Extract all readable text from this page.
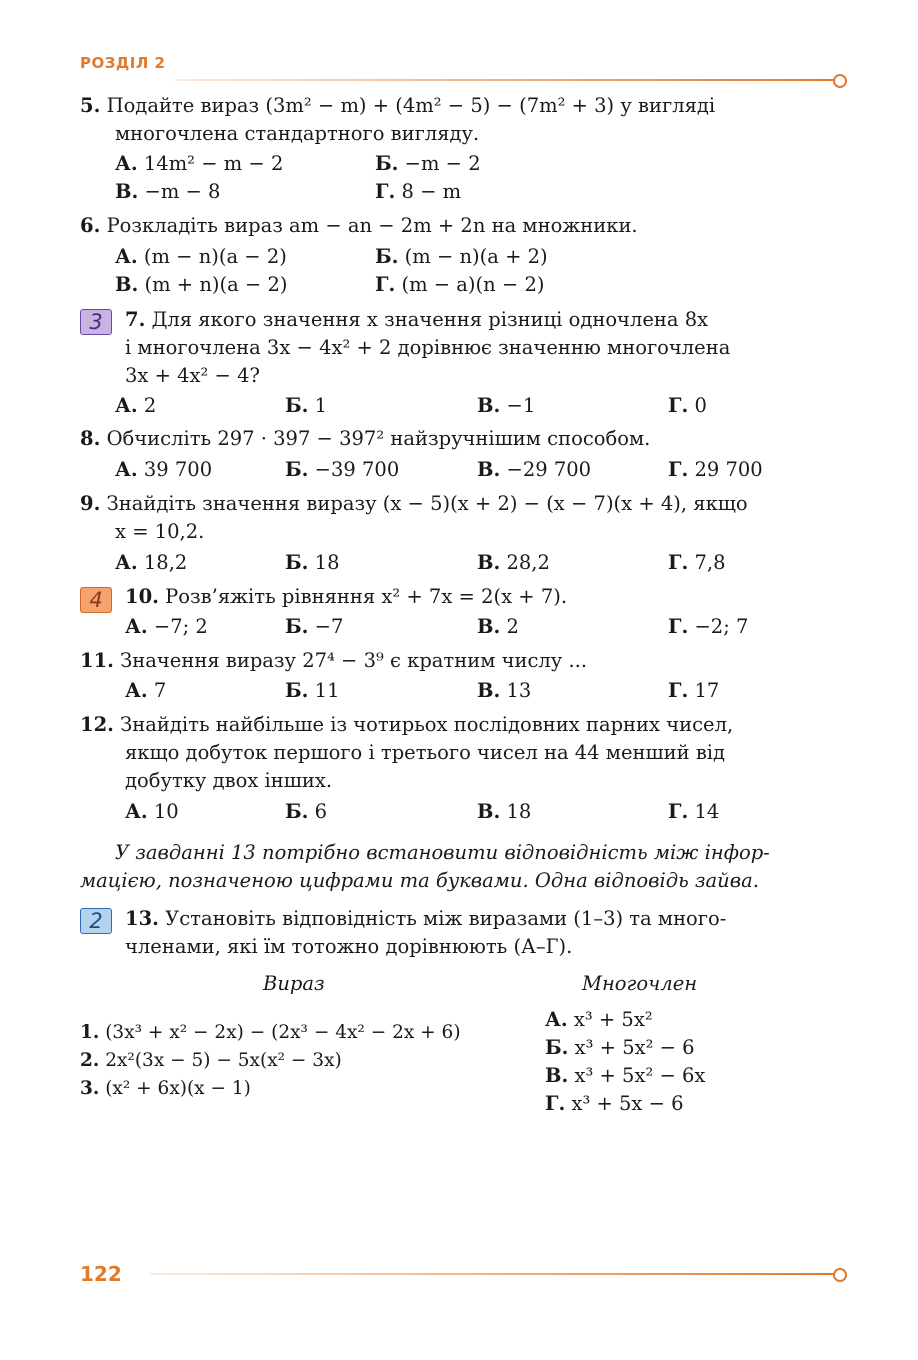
РОЗДІЛ 2
5. Подайте вираз (3m² − m) + (4m² − 5) − (7m² + 3) у вигляді
многочлена стандартного вигляду.
А. 14m² − m − 2	Б. −m − 2
В. −m − 8	Г. 8 − m
6. Розкладіть вираз am − an − 2m + 2n на множники.
А. (m − n)(a − 2)	Б. (m − n)(a + 2)
В. (m + n)(a − 2)	Г. (m − a)(n − 2)
3	7. Для якого значення x значення різниці одночлена 8x
і многочлена 3x − 4x² + 2 дорівнює значенню многочлена
3x + 4x² − 4?
А. 2	Б. 1	В. −1	Г. 0
8. Обчисліть 297 · 397 − 397² найзручнішим способом.
А. 39 700	Б. −39 700	В. −29 700	Г. 29 700
9. Знайдіть значення виразу (x − 5)(x + 2) − (x − 7)(x + 4), якщо
x = 10,2.
А. 18,2	Б. 18	В. 28,2	Г. 7,8
4	10. Розв’яжіть рівняння x² + 7x = 2(x + 7).
А. −7; 2	Б. −7	В. 2	Г. −2; 7
11. Значення виразу 27⁴ − 3⁹ є кратним числу ...
А. 7	Б. 11	В. 13	Г. 17
12. Знайдіть найбільше із чотирьох послідовних парних чисел,
якщо добуток першого і третього чисел на 44 менший від
добутку двох інших.
А. 10	Б. 6	В. 18	Г. 14
У завданні 13 потрібно встановити відповідність між інфор-
мацією, позначеною цифрами та буквами. Одна відповідь зайва.
2	13. Установіть відповідність між виразами (1–3) та много-
членами, які їм тотожно дорівнюють (А–Г).
Вираз	Многочлен
1. (3x³ + x² − 2x) − (2x³ − 4x² − 2x + 6)
2. 2x²(3x − 5) − 5x(x² − 3x)
3. (x² + 6x)(x − 1)
А. x³ + 5x²
Б. x³ + 5x² − 6
В. x³ + 5x² − 6x
Г. x³ + 5x − 6
122
